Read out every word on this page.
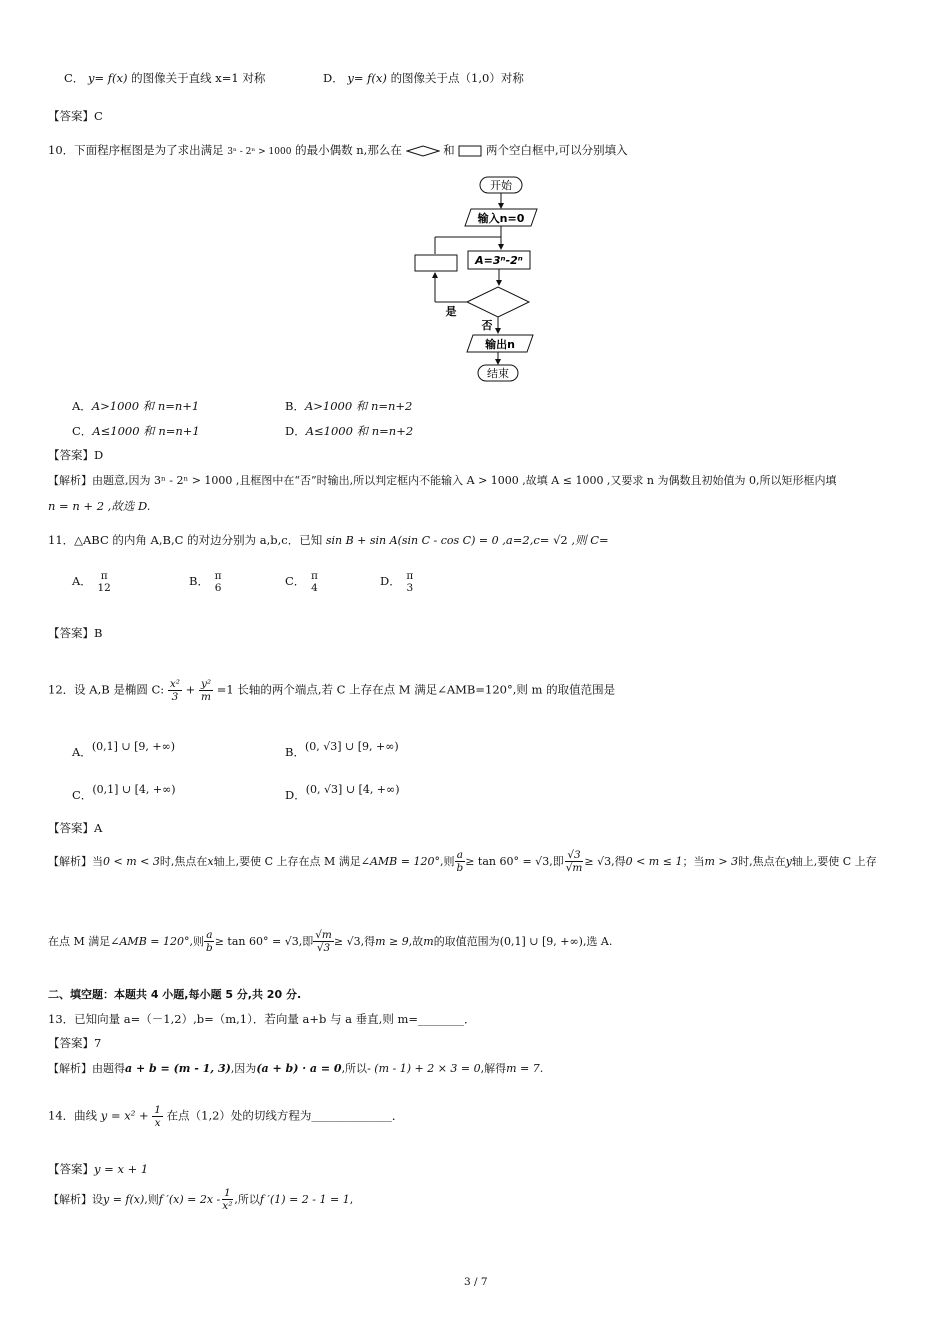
C． y= f(x) 的图像关于直线 x=1 对称	D． y= f(x) 的图像关于点（1,0）对称
【答案】C
10．下面程序框图是为了求出满足 3ⁿ - 2ⁿ > 1000 的最小偶数 n,那么在	和	两个空白框中,可以分别填入
开始
输入n=0
A=3ⁿ-2ⁿ
是
否
输出n
结束
A．A>1000 和 n=n+1	B．A>1000 和 n=n+2
C．A≤1000 和 n=n+1	D．A≤1000 和 n=n+2
【答案】D
【解析】由题意,因为 3ⁿ - 2ⁿ > 1000 ,且框图中在“否”时输出,所以判定框内不能输入 A > 1000 ,故填 A ≤ 1000 ,又要求 n 为偶数且初始值为 0,所以矩形框内填
n = n + 2 ,故选 D.
11．△ABC 的内角 A,B,C 的对边分别为 a,b,c．已知 sin B + sin A(sin C - cos C) = 0 ,a=2,c= √2 ,则 C=
A． π
12	B． π
6	C． π
4	D． π
3
【答案】B
12．设 A,B 是椭圆 C: $\frac{\text{x²}}{3} + \frac{\text{y²}}{m} =1$ 长轴的两个端点,若 C 上存在点 M 满足∠AMB=120°,则 m 的取值范围是
A．(0,1] ∪ [9, +∞)	B．(0, √3] ∪ [9, +∞)
C．(0,1] ∪ [4, +∞)	D．(0, √3] ∪ [4, +∞)
【答案】A
【解析】当0 < m < 3时,焦点在x轴上,要使 C 上存在点 M 满足∠AMB = 120°,则 $\frac{a}{b} \ge \tan 60^\circ = √3$,即 $\frac{√3}{√m} \ge √3$,得0 < m ≤ 1；当m > 3时,焦点在y轴上,要使 C 上存
在点 M 满足∠AMB = 120°,则 $\frac{a}{b} \ge \tan 60^\circ = √3$,即 $\frac{√m}{√3} \ge √3$,得m ≥ 9,故m的取值范围为(0,1] ∪ [9, +∞),选 A.
二、填空题：本题共 4 小题,每小题 5 分,共 20 分.
13．已知向量 a=（－1,2）,b=（m,1）．若向量 a+b 与 a 垂直,则 m=________．
【答案】7
【解析】由题得a + b = (m - 1, 3),因为(a + b) · a = 0,所以- (m - 1) + 2 × 3 = 0,解得m = 7.
14．曲线 $y = x^2 + \frac{1}{x}$ 在点（1,2）处的切线方程为______________．
【答案】y = x + 1
【解析】设y = f(x),则f $'(x) = 2x - \frac{1}{\text{x²}}$ ,所以f ′(1) = 2 - 1 = 1,
3 / 7
